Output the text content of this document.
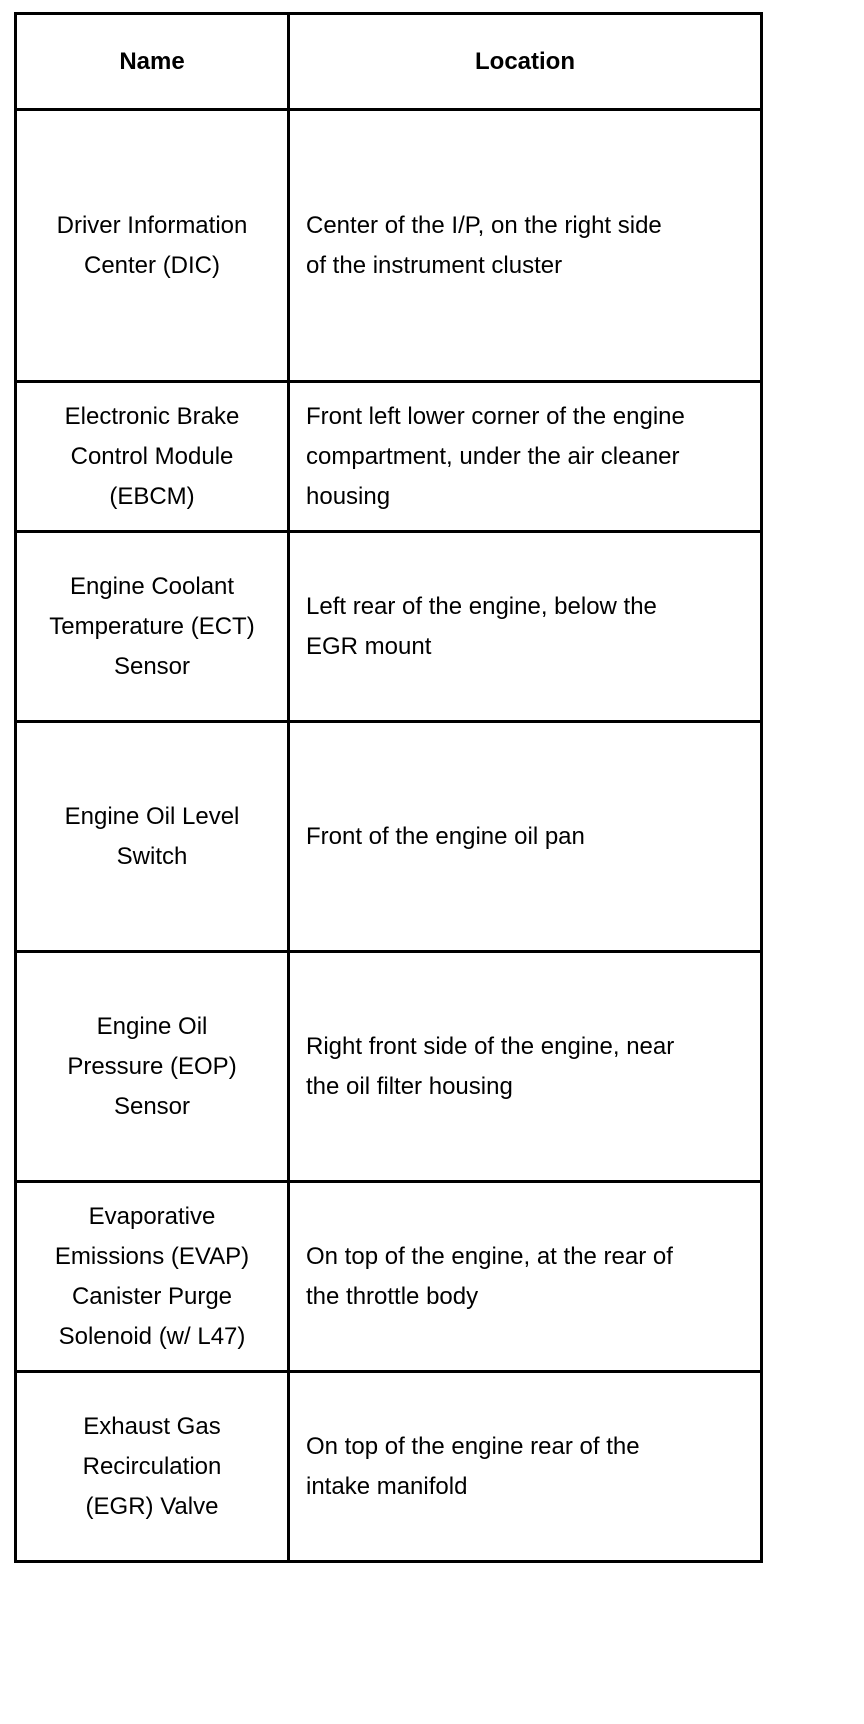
Name	Location

Driver Information
Center (DIC)	Center of the I/P, on the right side
of the instrument cluster

Electronic Brake
Control Module
(EBCM)	Front left lower corner of the engine
compartment, under the air cleaner
housing

Engine Coolant
Temperature (ECT)
Sensor	Left rear of the engine, below the
EGR mount

Engine Oil Level
Switch	Front of the engine oil pan

Engine Oil
Pressure (EOP)
Sensor	Right front side of the engine, near
the oil filter housing

Evaporative
Emissions (EVAP)
Canister Purge
Solenoid (w/ L47)	On top of the engine, at the rear of
the throttle body

Exhaust Gas
Recirculation
(EGR) Valve	On top of the engine rear of the
intake manifold
